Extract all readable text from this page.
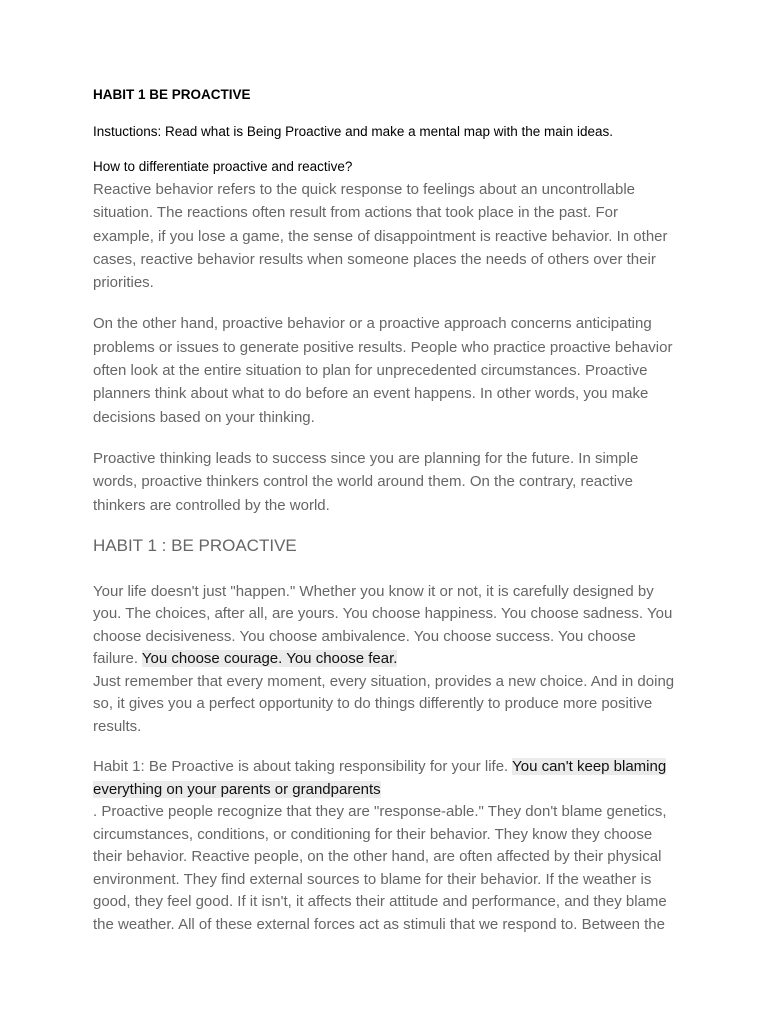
HABIT 1 BE PROACTIVE
Instuctions: Read what is Being Proactive and make a mental map with the main ideas.
How to differentiate proactive and reactive?

Reactive behavior refers to the quick response to feelings about an uncontrollable situation. The reactions often result from actions that took place in the past. For example, if you lose a game, the sense of disappointment is reactive behavior. In other cases, reactive behavior results when someone places the needs of others over their priorities.

On the other hand, proactive behavior or a proactive approach concerns anticipating problems or issues to generate positive results. People who practice proactive behavior often look at the entire situation to plan for unprecedented circumstances. Proactive planners think about what to do before an event happens. In other words, you make decisions based on your thinking.

Proactive thinking leads to success since you are planning for the future. In simple words, proactive thinkers control the world around them. On the contrary, reactive thinkers are controlled by the world.

HABIT 1 : BE PROACTIVE

Your life doesn't just "happen." Whether you know it or not, it is carefully designed by you. The choices, after all, are yours. You choose happiness. You choose sadness. You choose decisiveness. You choose ambivalence. You choose success. You choose failure. You choose courage. You choose fear.

Just remember that every moment, every situation, provides a new choice. And in doing so, it gives you a perfect opportunity to do things differently to produce more positive results.

Habit 1: Be Proactive is about taking responsibility for your life. You can't keep blaming everything on your parents or grandparents

. Proactive people recognize that they are "response-able." They don't blame genetics, circumstances, conditions, or conditioning for their behavior. They know they choose their behavior. Reactive people, on the other hand, are often affected by their physical environment. They find external sources to blame for their behavior. If the weather is good, they feel good. If it isn't, it affects their attitude and performance, and they blame the weather. All of these external forces act as stimuli that we respond to. Between the
